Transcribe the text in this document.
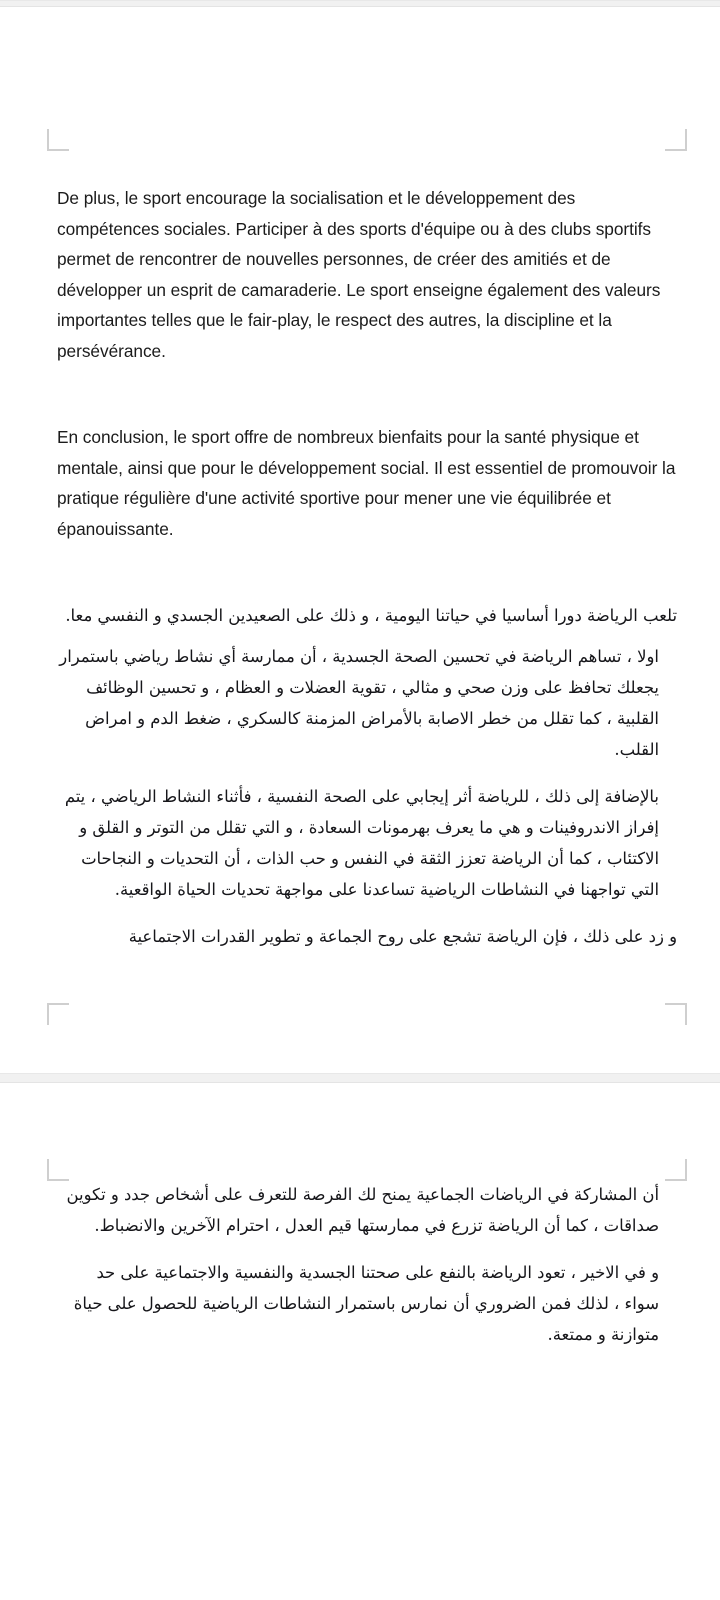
De plus, le sport encourage la socialisation et le développement des compétences sociales. Participer à des sports d'équipe ou à des clubs sportifs permet de rencontrer de nouvelles personnes, de créer des amitiés et de développer un esprit de camaraderie. Le sport enseigne également des valeurs importantes telles que le fair-play, le respect des autres, la discipline et la persévérance.

En conclusion, le sport offre de nombreux bienfaits pour la santé physique et mentale, ainsi que pour le développement social. Il est essentiel de promouvoir la pratique régulière d'une activité sportive pour mener une vie équilibrée et épanouissante.

تلعب الرياضة دورا أساسيا في حياتنا اليومية ، و ذلك على الصعيدين الجسدي و النفسي معا.

اولا ، تساهم الرياضة في تحسين الصحة الجسدية ، أن ممارسة أي نشاط رياضي باستمرار يجعلك تحافظ على وزن صحي و مثالي ، تقوية العضلات و العظام ، و تحسين الوظائف القلبية ، كما تقلل من خطر الاصابة بالأمراض المزمنة كالسكري ، ضغط الدم و امراض القلب.

بالإضافة إلى ذلك ، للرياضة أثر إيجابي على الصحة النفسية ، فأثناء النشاط الرياضي ، يتم إفراز الاندروفينات و هي ما يعرف بهرمونات السعادة ، و التي تقلل من التوتر و القلق و الاكتئاب ، كما أن الرياضة تعزز الثقة في النفس و حب الذات ، أن التحديات و النجاحات التي تواجهنا في النشاطات الرياضية تساعدنا على مواجهة تحديات الحياة الواقعية.

و زد على ذلك ، فإن الرياضة تشجع على روح الجماعة و تطوير القدرات الاجتماعية

أن المشاركة في الرياضات الجماعية يمنح لك الفرصة للتعرف على أشخاص جدد و تكوين صداقات ، كما أن الرياضة تزرع في ممارستها قيم العدل ، احترام الآخرين والانضباط.

و في الاخير ، تعود الرياضة بالنفع على صحتنا الجسدية والنفسية والاجتماعية على حد سواء ، لذلك فمن الضروري أن نمارس باستمرار النشاطات الرياضية للحصول على حياة متوازنة و ممتعة.
